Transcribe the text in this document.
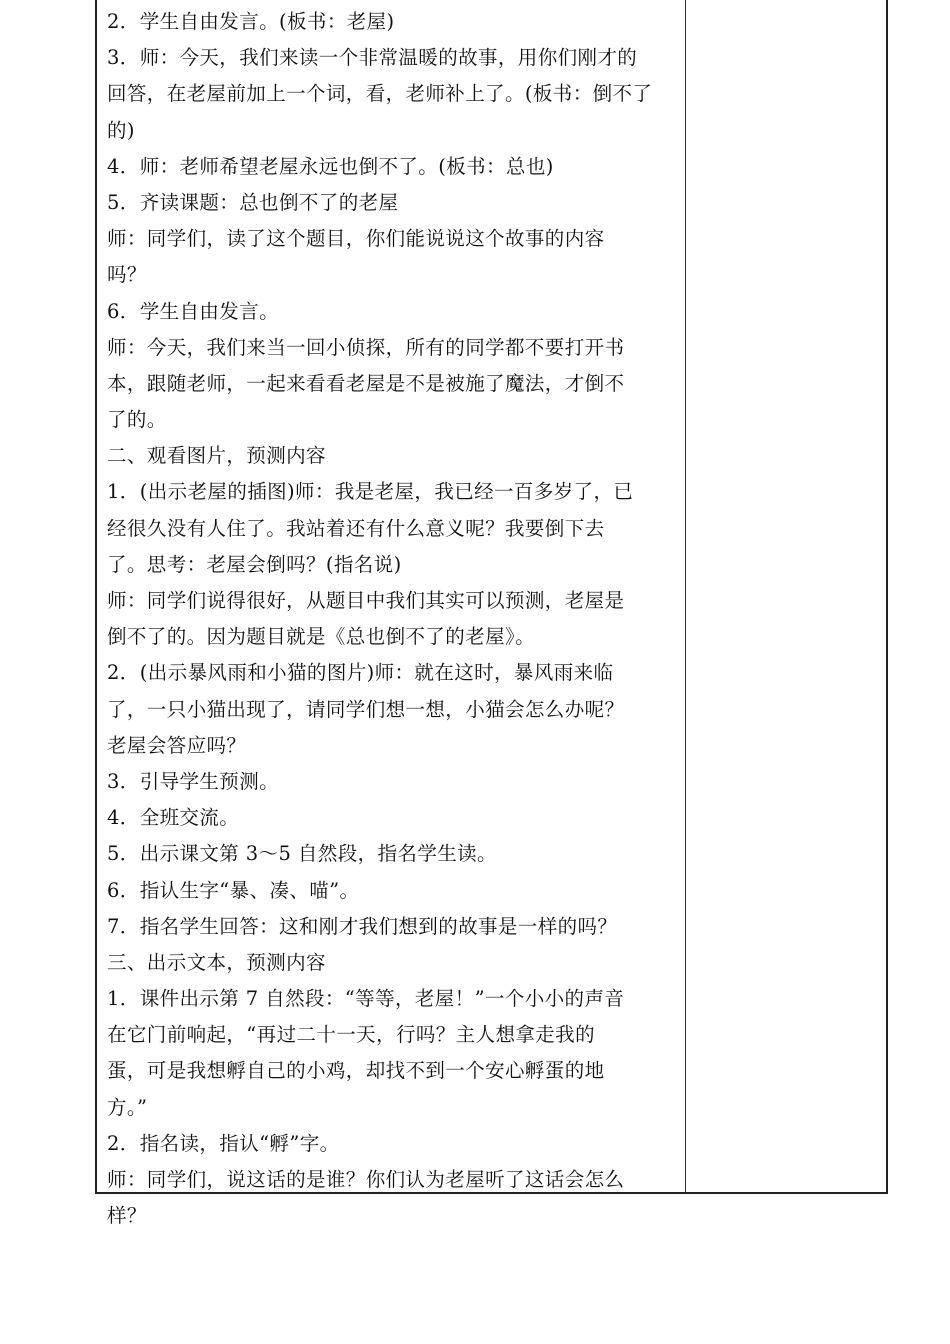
2．学生自由发言。(板书：老屋)
3．师：今天，我们来读一个非常温暖的故事，用你们刚才的
回答，在老屋前加上一个词，看，老师补上了。(板书：倒不了
的)
4．师：老师希望老屋永远也倒不了。(板书：总也)
5．齐读课题：总也倒不了的老屋
师：同学们，读了这个题目，你们能说说这个故事的内容
吗？
6．学生自由发言。
师：今天，我们来当一回小侦探，所有的同学都不要打开书
本，跟随老师，一起来看看老屋是不是被施了魔法，才倒不
了的。
二、观看图片，预测内容
1．(出示老屋的插图)师：我是老屋，我已经一百多岁了，已
经很久没有人住了。我站着还有什么意义呢？我要倒下去
了。思考：老屋会倒吗？(指名说)
师：同学们说得很好，从题目中我们其实可以预测，老屋是
倒不了的。因为题目就是《总也倒不了的老屋》。
2．(出示暴风雨和小猫的图片)师：就在这时，暴风雨来临
了，一只小猫出现了，请同学们想一想，小猫会怎么办呢？
老屋会答应吗？
3．引导学生预测。
4．全班交流。
5．出示课文第 3～5 自然段，指名学生读。
6．指认生字“暴、凑、喵”。
7．指名学生回答：这和刚才我们想到的故事是一样的吗？
三、出示文本，预测内容
1．课件出示第 7 自然段：“等等，老屋！”一个小小的声音
在它门前响起，“再过二十一天，行吗？主人想拿走我的
蛋，可是我想孵自己的小鸡，却找不到一个安心孵蛋的地
方。”
2．指名读，指认“孵”字。
师：同学们，说这话的是谁？你们认为老屋听了这话会怎么
样？
